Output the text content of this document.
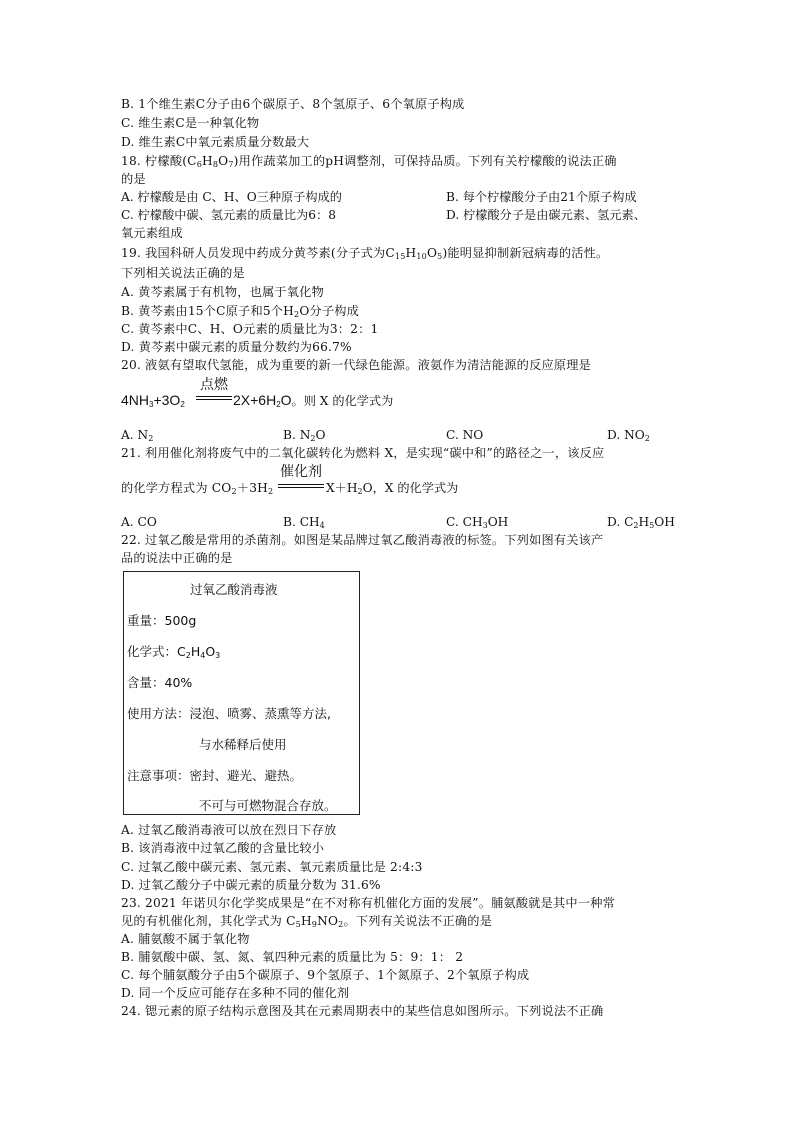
B. 1个维生素C分子由6个碳原子、8个氢原子、6个氧原子构成
C. 维生素C是一种氧化物
D. 维生素C中氧元素质量分数最大
18. 柠檬酸$(C_6H_8O_7)$用作蔬菜加工的pH调整剂，可保持品质。下列有关柠檬酸的说法正确
的是
A. 柠檬酸是由 C、H、O三种原子构成的	B. 每个柠檬酸分子由21个原子构成
C. 柠檬酸中碳、氢元素的质量比为6：8	D. 柠檬酸分子是由碳元素、氢元素、
氧元素组成
19. 我国科研人员发现中药成分黄芩素(分子式为$C_{15}H_{10}O_5$)能明显抑制新冠病毒的活性。
下列相关说法正确的是
A. 黄芩素属于有机物，也属于氧化物
B. 黄芩素由15个C原子和5个$H_2O$分子构成
C. 黄芩素中C、H、O元素的质量比为3：2：1
D. 黄芩素中碳元素的质量分数约为66.7%
20. 液氨有望取代氢能，成为重要的新一代绿色能源。液氨作为清洁能源的反应原理是
$4NH_3+3O_2$
点燃
$2X+6H_2O$。则 X 的化学式为
A. $N_2$	B. $N_2O$	C. NO	D. $NO_2$
21. 利用催化剂将废气中的二氧化碳转化为燃料 X，是实现“碳中和”的路径之一，该反应
的化学方程式为 $CO_2+3H_2$
催化剂
$X+H_2O$，X 的化学式为
A. CO	B. $CH_4$	C. $CH_3OH$	D. $C_2H_5OH$
22. 过氧乙酸是常用的杀菌剂。如图是某品牌过氧乙酸消毒液的标签。下列如图有关该产
品的说法中正确的是
过氧乙酸消毒液
重量：500g
化学式：$C_2H_4O_3$
含量：40%
使用方法：浸泡、喷雾、蒸熏等方法,
与水稀释后使用
注意事项：密封、避光、避热。
不可与可燃物混合存放。
A. 过氧乙酸消毒液可以放在烈日下存放
B. 该消毒液中过氧乙酸的含量比较小
C. 过氧乙酸中碳元素、氢元素、氧元素质量比是 2:4:3
D. 过氧乙酸分子中碳元素的质量分数为 31.6%
23. 2021 年诺贝尔化学奖成果是“在不对称有机催化方面的发展”。脯氨酸就是其中一种常
见的有机催化剂，其化学式为 $C_5H_9NO_2$。下列有关说法不正确的是
A. 脯氨酸不属于氧化物
B. 脯氨酸中碳、氢、氮、氧四种元素的质量比为 5：9：1： 2
C. 每个脯氨酸分子由5个碳原子、9个氢原子、1个氮原子、2个氧原子构成
D. 同一个反应可能存在多种不同的催化剂
24. 锶元素的原子结构示意图及其在元素周期表中的某些信息如图所示。下列说法不正确
